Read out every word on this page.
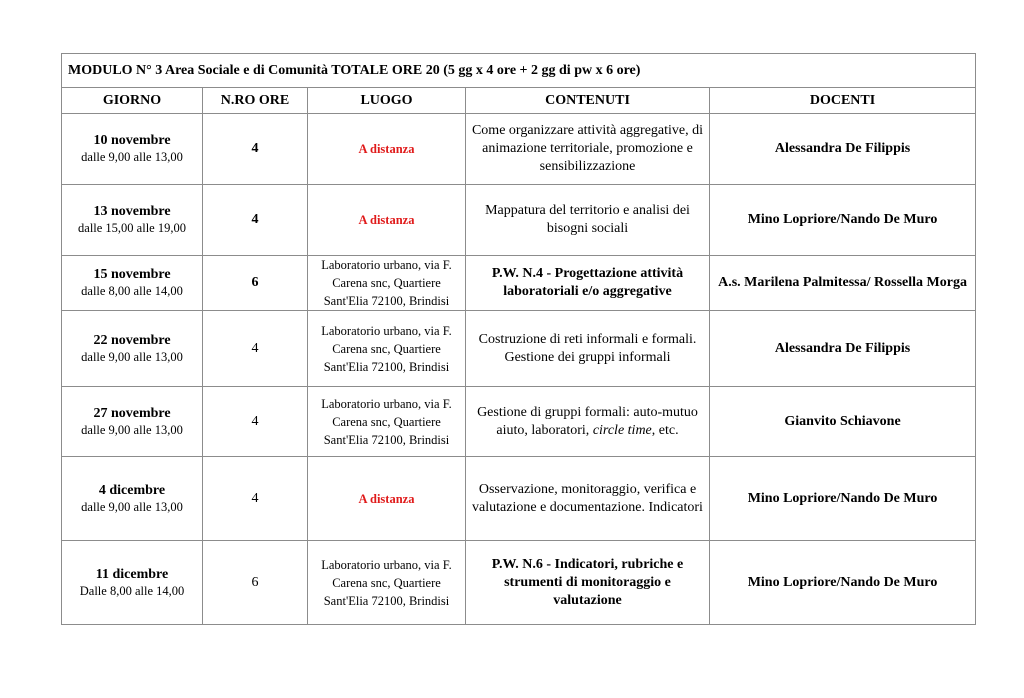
MODULO N° 3 Area Sociale e di Comunità TOTALE ORE 20 (5 gg x 4 ore + 2 gg di pw x 6 ore)				
GIORNO	N.RO ORE	LUOGO	CONTENUTI	DOCENTI

10 novembre
dalle 9,00 alle 13,00	4	A distanza	Come organizzare attività aggregative, di animazione territoriale, promozione e sensibilizzazione	Alessandra De Filippis

13 novembre
dalle 15,00 alle 19,00	4	A distanza	Mappatura del territorio e analisi dei bisogni sociali	Mino Lopriore/Nando De Muro

15 novembre
dalle 8,00 alle 14,00	6	Laboratorio urbano, via F. Carena snc, Quartiere Sant'Elia 72100, Brindisi	P.W. N.4 - Progettazione attività laboratoriali e/o aggregative	A.s. Marilena Palmitessa/ Rossella Morga

22 novembre
dalle 9,00 alle 13,00	4	Laboratorio urbano, via F. Carena snc, Quartiere Sant'Elia 72100, Brindisi	Costruzione di reti informali e formali. Gestione dei gruppi informali	Alessandra De Filippis

27 novembre
dalle 9,00 alle 13,00	4	Laboratorio urbano, via F. Carena snc, Quartiere Sant'Elia 72100, Brindisi	Gestione di gruppi formali: auto-mutuo aiuto, laboratori, circle time, etc.	Gianvito Schiavone

4 dicembre
dalle 9,00 alle 13,00	4	A distanza	Osservazione, monitoraggio, verifica e valutazione e documentazione. Indicatori	Mino Lopriore/Nando De Muro

11 dicembre
Dalle 8,00 alle 14,00	6	Laboratorio urbano, via F. Carena snc, Quartiere Sant'Elia 72100, Brindisi	P.W. N.6 - Indicatori, rubriche e strumenti di monitoraggio e valutazione	Mino Lopriore/Nando De Muro
